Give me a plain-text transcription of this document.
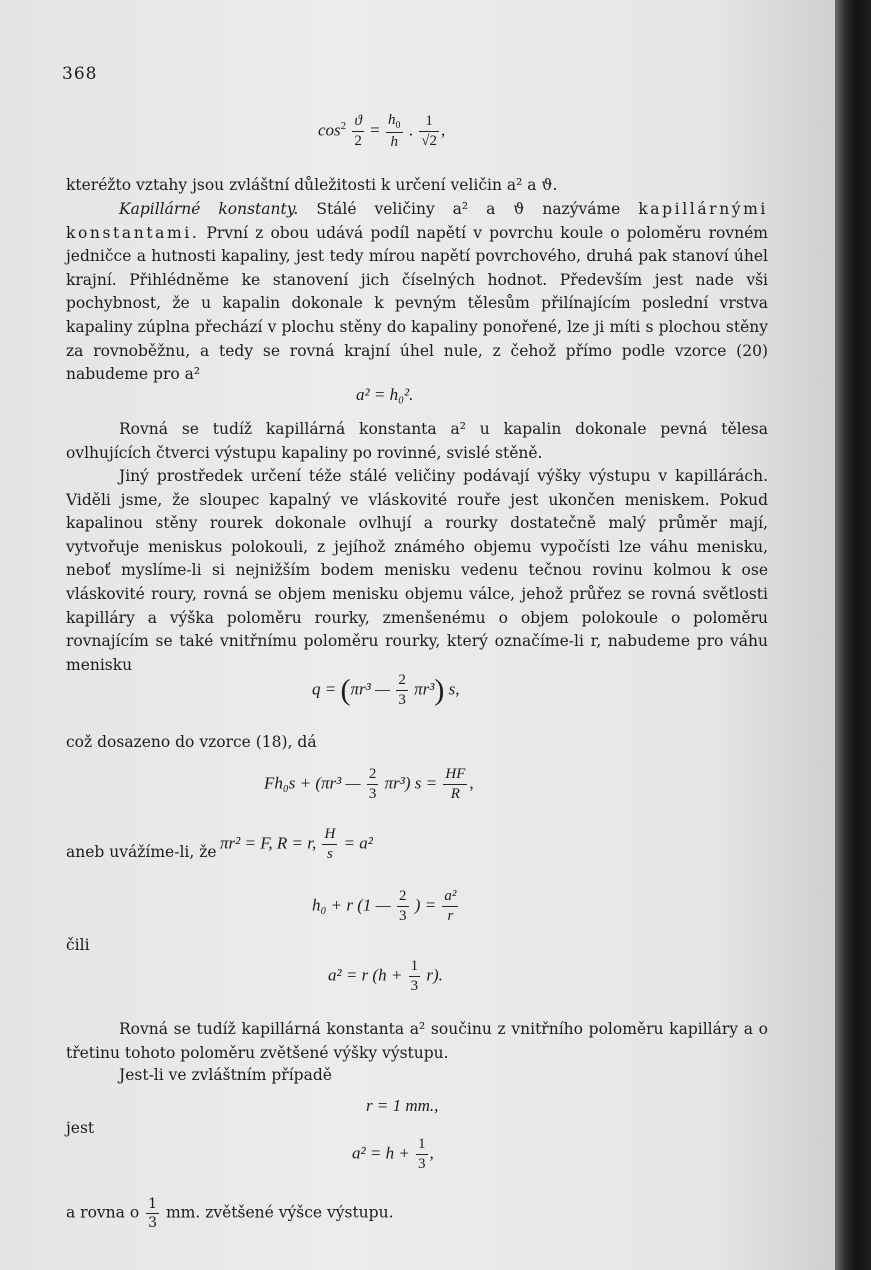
368
$\cos^2 \frac{ϑ}{2} = \frac{h_0}{h}$ . $\frac{1}{√2}$ ,
kteréžto vztahy jsou zvláštní důležitosti k určení veličin a² a ϑ.
Kapillárné konstanty. Stálé veličiny a² a ϑ nazýváme kapillárnými konstantami. První z obou udává podíl napětí v povrchu koule o poloměru rovném jedničce a hutnosti kapaliny, jest tedy mírou napětí povrchového, druhá pak stanoví úhel krajní. Přihlédněme ke stanovení jich číselných hodnot. Především jest nade vši pochybnost, že u kapalin dokonale k pevným tělesům přilínajícím poslední vrstva kapaliny zúplna přechází v plochu stěny do kapaliny ponořené, lze ji míti s plochou stěny za rovnoběžnu, a tedy se rovná krajní úhel nule, z čehož přímo podle vzorce (20) nabudeme pro a²
a² = h₀².
Rovná se tudíž kapillárná konstanta a² u kapalin dokonale pevná tělesa ovlhujících čtverci výstupu kapaliny po rovinné, svislé stěně.
Jiný prostředek určení téže stálé veličiny podávají výšky výstupu v kapillárách. Viděli jsme, že sloupec kapalný ve vláskovité rouře jest ukončen meniskem. Pokud kapalinou stěny rourek dokonale ovlhují a rourky dostatečně malý průměr mají, vytvořuje meniskus polokouli, z jejíhož známého objemu vypočísti lze váhu menisku, neboť myslíme-li si nejnižším bodem menisku vedenu tečnou rovinu kolmou k ose vláskovité roury, rovná se objem menisku objemu válce, jehož průřez se rovná světlosti kapilláry a výška poloměru rourky, zmenšenému o objem polokoule o poloměru rovnajícím se také vnitřnímu poloměru rourky, který označíme-li r, nabudeme pro váhu menisku
q = (πr³ — $\frac{2}{3} \pi r^3$) s,
což dosazeno do vzorce (18), dá
Fh₀s + (πr³ — $\frac{2}{3} \pi r^3$) $s = \frac{HF}{R}$ ,
aneb uvážíme-li, že πr² = F, R = r, $\frac{H}{s} = a^2$
h₀ + r (1 — $\frac{2}{3}$ ) = $\frac{\text{a²}}{r}$
čili
a² = r $(h + \frac{1}{3} r)$.
Rovná se tudíž kapillárná konstanta a² součinu z vnitřního poloměru kapilláry a o třetinu tohoto poloměru zvětšené výšky výstupu.
Jest-li ve zvláštním případě
r = 1 mm.,
jest
$a^2 = h + \frac{1}{3}$ ,
a rovna o $\frac{1}{3}$ mm. zvětšené výšce výstupu.
